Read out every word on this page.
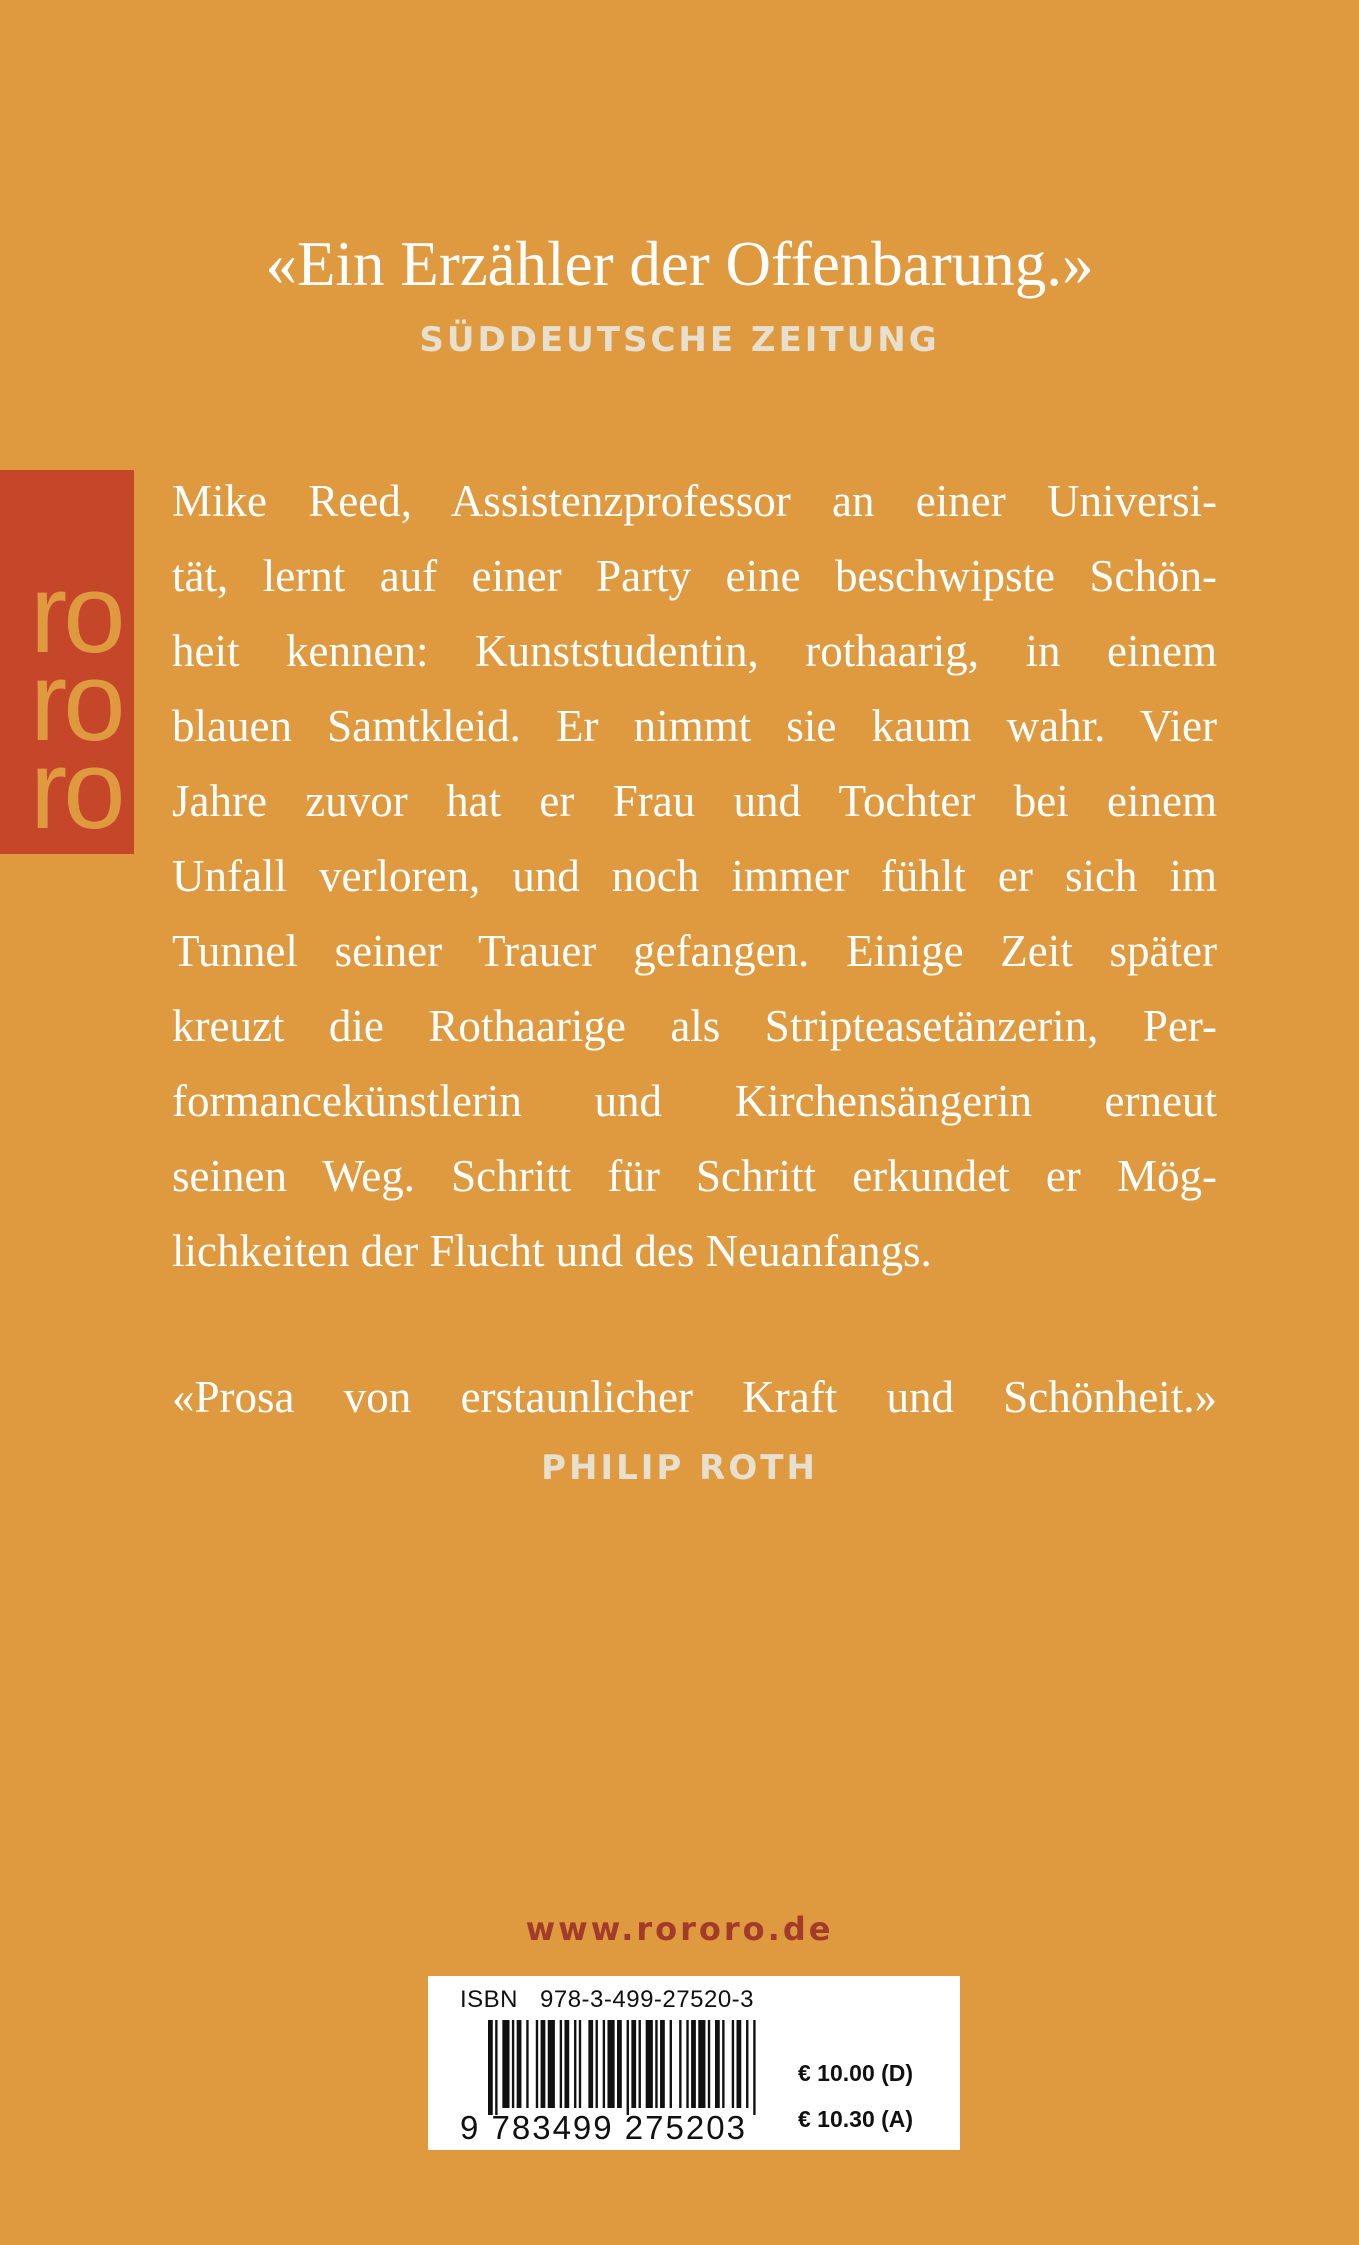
«Ein Erzähler der Offenbarung.»
SÜDDEUTSCHE ZEITUNG
ro
ro
ro
Mike Reed, Assistenzprofessor an einer Universi-
tät, lernt auf einer Party eine beschwipste Schön-
heit kennen: Kunststudentin, rothaarig, in einem
blauen Samtkleid. Er nimmt sie kaum wahr. Vier
Jahre zuvor hat er Frau und Tochter bei einem
Unfall verloren, und noch immer fühlt er sich im
Tunnel seiner Trauer gefangen. Einige Zeit später
kreuzt die Rothaarige als Stripteasetänzerin, Per-
formancekünstlerin und Kirchensängerin erneut
seinen Weg. Schritt für Schritt erkundet er Mög-
lichkeiten der Flucht und des Neuanfangs.
«Prosa von erstaunlicher Kraft und Schönheit.»
PHILIP ROTH
www.rororo.de
ISBN 978-3-499-27520-3
9 783499 275203
€ 10.00 (D)
€ 10.30 (A)
